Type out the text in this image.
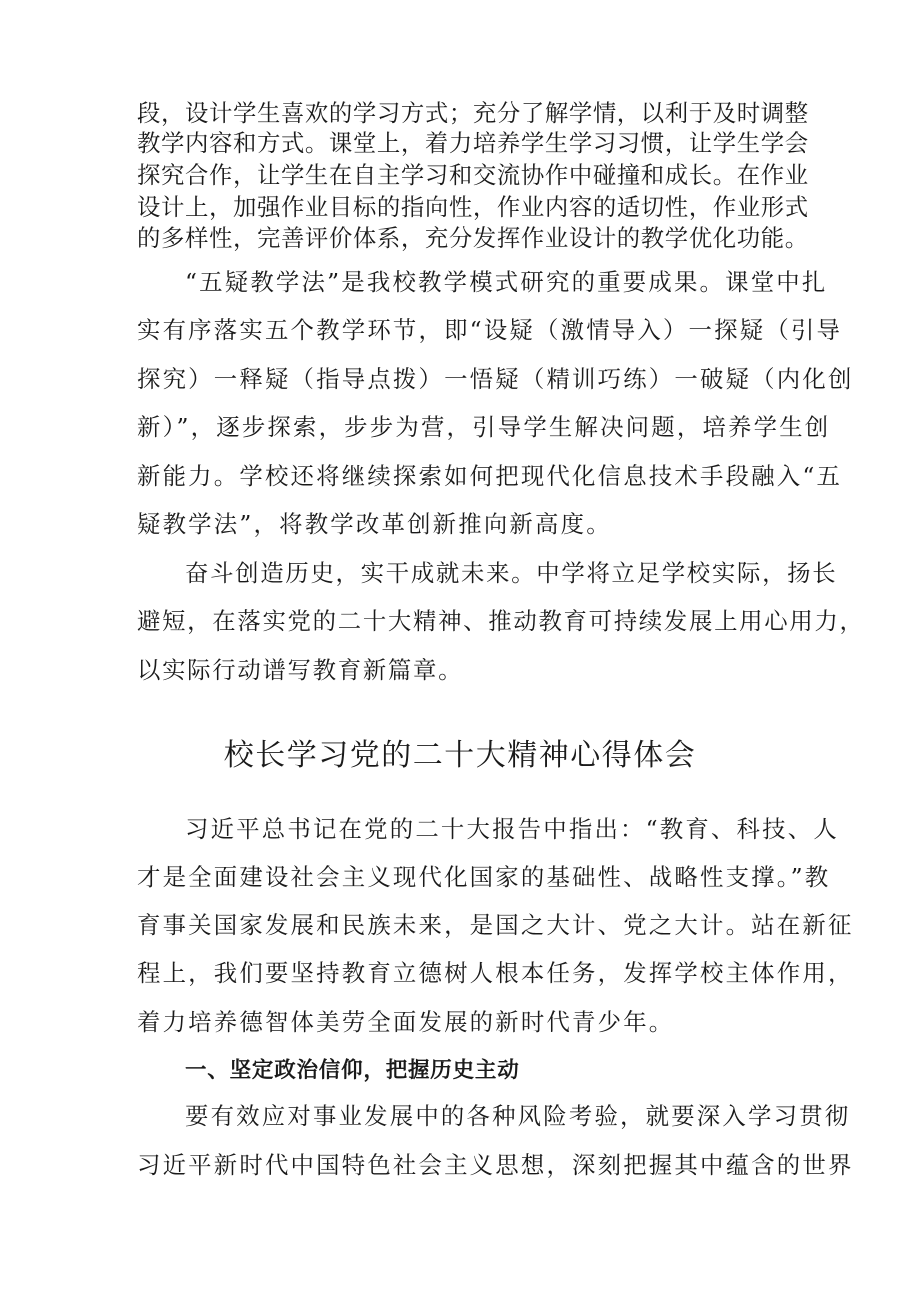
段，设计学生喜欢的学习方式；充分了解学情，以利于及时调整

教学内容和方式。课堂上，着力培养学生学习习惯，让学生学会

探究合作，让学生在自主学习和交流协作中碰撞和成长。在作业

设计上，加强作业目标的指向性，作业内容的适切性，作业形式

的多样性，完善评价体系，充分发挥作业设计的教学优化功能。

“五疑教学法”是我校教学模式研究的重要成果。课堂中扎

实有序落实五个教学环节，即“设疑（激情导入）一探疑（引导

探究）一释疑（指导点拨）一悟疑（精训巧练）一破疑（内化创

新）”，逐步探索，步步为营，引导学生解决问题，培养学生创

新能力。学校还将继续探索如何把现代化信息技术手段融入“五

疑教学法”，将教学改革创新推向新高度。

奋斗创造历史，实干成就未来。中学将立足学校实际，扬长

避短，在落实党的二十大精神、推动教育可持续发展上用心用力，

以实际行动谱写教育新篇章。

校长学习党的二十大精神心得体会

习近平总书记在党的二十大报告中指出：“教育、科技、人

才是全面建设社会主义现代化国家的基础性、战略性支撑。”教

育事关国家发展和民族未来，是国之大计、党之大计。站在新征

程上，我们要坚持教育立德树人根本任务，发挥学校主体作用，

着力培养德智体美劳全面发展的新时代青少年。

一、坚定政治信仰，把握历史主动

要有效应对事业发展中的各种风险考验，就要深入学习贯彻

习近平新时代中国特色社会主义思想，深刻把握其中蕴含的世界
